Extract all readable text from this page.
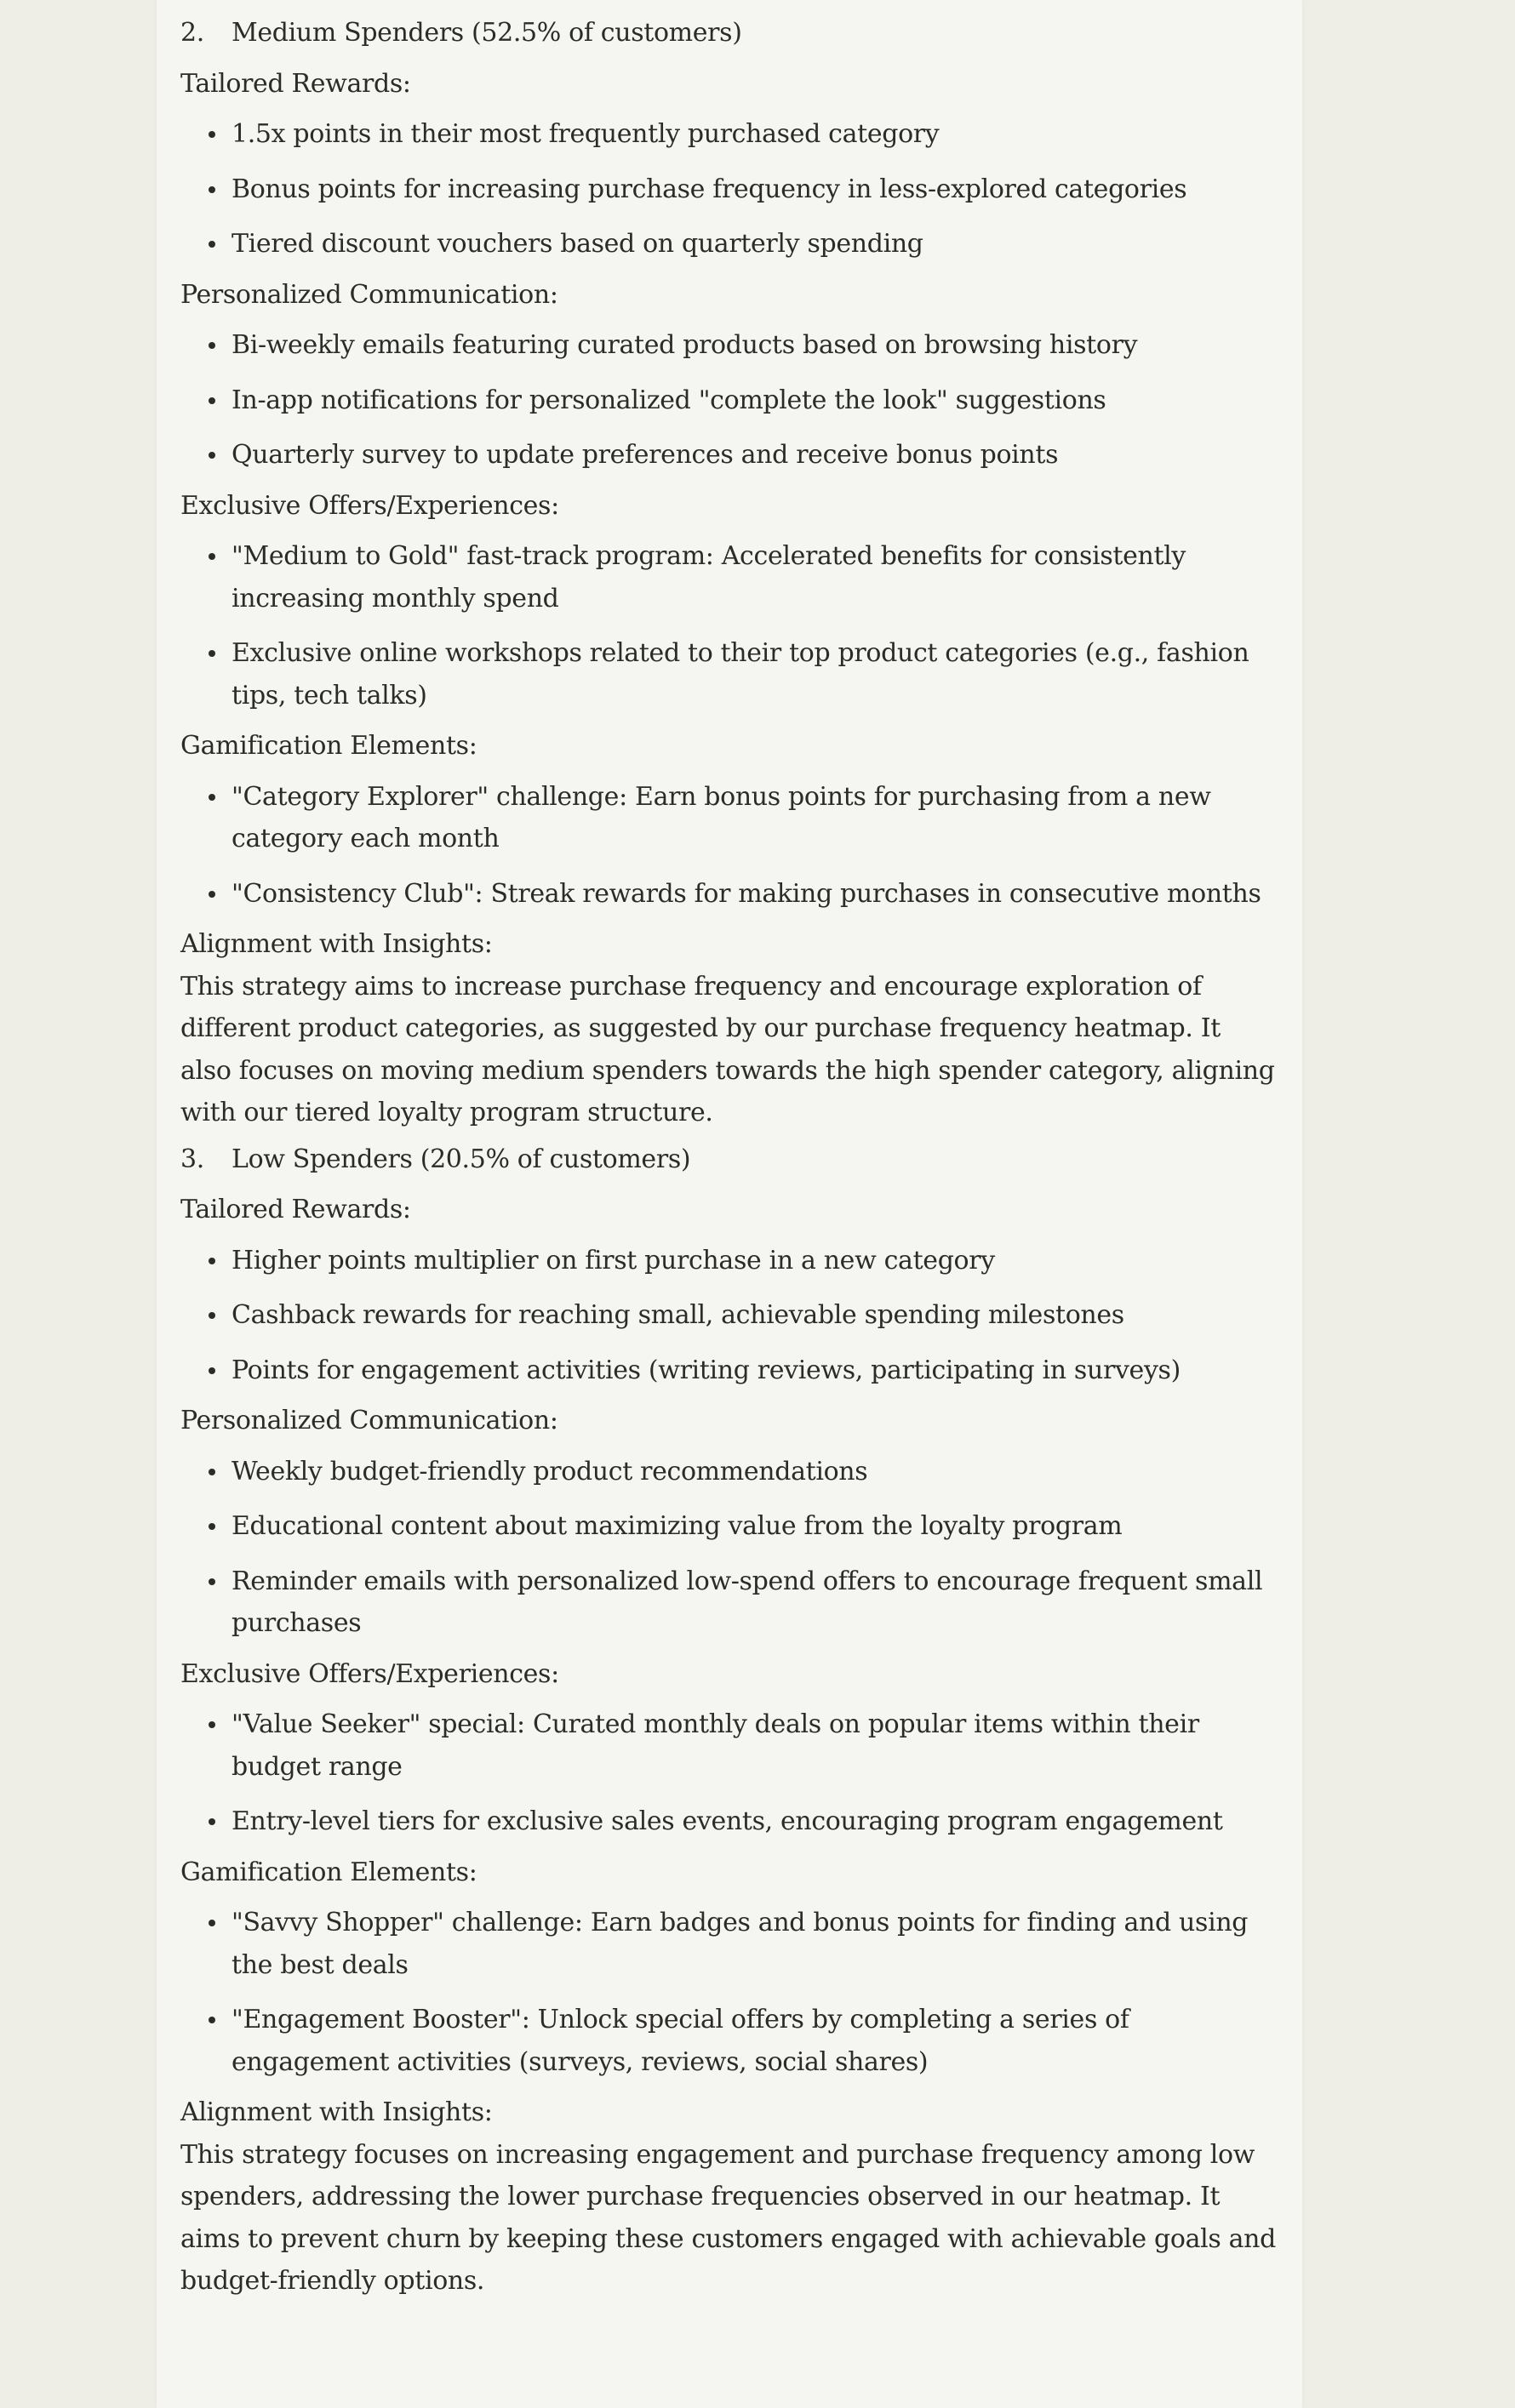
2. Medium Spenders (52.5% of customers)
Tailored Rewards:
1.5x points in their most frequently purchased category
Bonus points for increasing purchase frequency in less-explored categories
Tiered discount vouchers based on quarterly spending
Personalized Communication:
Bi-weekly emails featuring curated products based on browsing history
In-app notifications for personalized "complete the look" suggestions
Quarterly survey to update preferences and receive bonus points
Exclusive Offers/Experiences:
"Medium to Gold" fast-track program: Accelerated benefits for consistently increasing monthly spend
Exclusive online workshops related to their top product categories (e.g., fashion tips, tech talks)
Gamification Elements:
"Category Explorer" challenge: Earn bonus points for purchasing from a new category each month
"Consistency Club": Streak rewards for making purchases in consecutive months
Alignment with Insights:
This strategy aims to increase purchase frequency and encourage exploration of different product categories, as suggested by our purchase frequency heatmap. It also focuses on moving medium spenders towards the high spender category, aligning with our tiered loyalty program structure.
3. Low Spenders (20.5% of customers)
Tailored Rewards:
Higher points multiplier on first purchase in a new category
Cashback rewards for reaching small, achievable spending milestones
Points for engagement activities (writing reviews, participating in surveys)
Personalized Communication:
Weekly budget-friendly product recommendations
Educational content about maximizing value from the loyalty program
Reminder emails with personalized low-spend offers to encourage frequent small purchases
Exclusive Offers/Experiences:
"Value Seeker" special: Curated monthly deals on popular items within their budget range
Entry-level tiers for exclusive sales events, encouraging program engagement
Gamification Elements:
"Savvy Shopper" challenge: Earn badges and bonus points for finding and using the best deals
"Engagement Booster": Unlock special offers by completing a series of engagement activities (surveys, reviews, social shares)
Alignment with Insights:
This strategy focuses on increasing engagement and purchase frequency among low spenders, addressing the lower purchase frequencies observed in our heatmap. It aims to prevent churn by keeping these customers engaged with achievable goals and budget-friendly options.
